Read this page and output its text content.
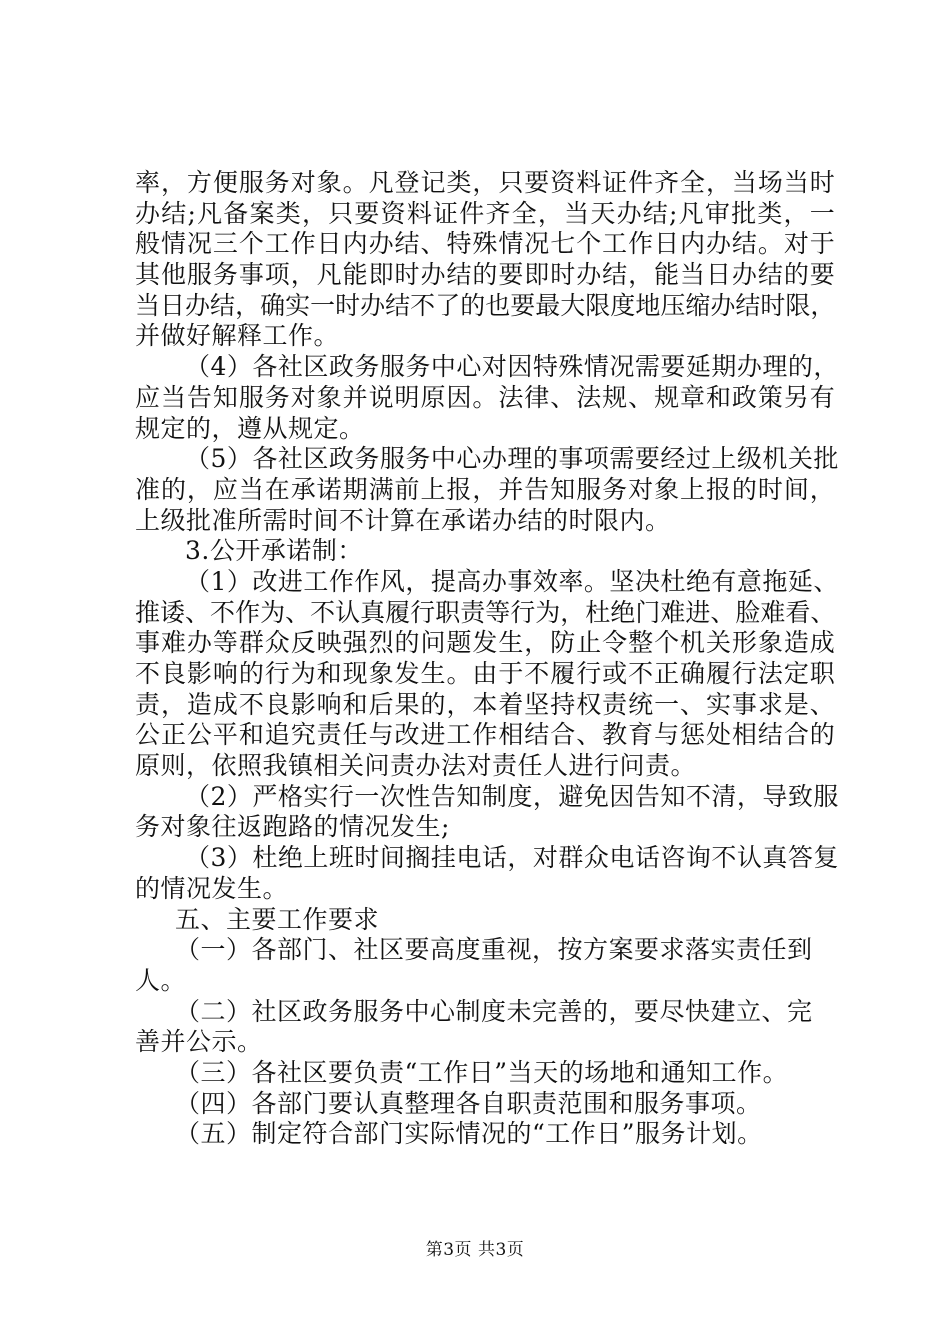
率 ， 方 便 服 务 对 象 。 凡 登 记 类 ， 只 要 资 料 证 件 齐 全 ， 当 场 当 时
办 结 ; 凡 备 案 类 ， 只 要 资 料 证 件 齐 全 ， 当 天 办 结 ; 凡 审 批 类 ， 一
般 情 况 三 个 工 作 日 内 办 结 、 特 殊 情 况 七 个 工 作 日 内 办 结 。 对 于
其 他 服 务 事 项 ， 凡 能 即 时 办 结 的 要 即 时 办 结 ， 能 当 日 办 结 的 要
当 日 办 结 ， 确 实 一 时 办 结 不 了 的 也 要 最 大 限 度 地 压 缩 办 结 时 限 ，
并做好解释工作。
（4）各社区政务服务中心对因特殊情况需要延期办理的，
应 当 告 知 服 务 对 象 并 说 明 原 因 。 法 律 、 法 规 、 规 章 和 政 策 另 有
规定的，遵从规定。
（5）各社区政务服务中心办理的事项需要经过上级机关批
准 的 ， 应 当 在 承 诺 期 满 前 上 报 ， 并 告 知 服 务 对 象 上 报 的 时 间 ，
上级批准所需时间不计算在承诺办结的时限内。
3.公开承诺制：
（1）改进工作作风，提高办事效率。坚决杜绝有意拖延、
推 诿 、 不 作 为 、 不 认 真 履 行 职 责 等 行 为 ， 杜 绝 门 难 进 、 脸 难 看 、
事 难 办 等 群 众 反 映 强 烈 的 问 题 发 生 ， 防 止 令 整 个 机 关 形 象 造 成
不 良 影 响 的 行 为 和 现 象 发 生 。 由 于 不 履 行 或 不 正 确 履 行 法 定 职
责 ， 造 成 不 良 影 响 和 后 果 的 ， 本 着 坚 持 权 责 统 一 、 实 事 求 是 、
公 正 公 平 和 追 究 责 任 与 改 进 工 作 相 结 合 、 教 育 与 惩 处 相 结 合 的
原则，依照我镇相关问责办法对责任人进行问责。
（2）严格实行一次性告知制度，避免因告知不清，导致服
务对象往返跑路的情况发生;
（3）杜绝上班时间搁挂电话，对群众电话咨询不认真答复
的情况发生。
五、主要工作要求
（一）各部门、社区要高度重视，按方案要求落实责任到
人。
（二）社区政务服务中心制度未完善的，要尽快建立、完
善并公示。
（三）各社区要负责“工作日”当天的场地和通知工作。
（四）各部门要认真整理各自职责范围和服务事项。
（五）制定符合部门实际情况的“工作日”服务计划。
第3页 共3页
